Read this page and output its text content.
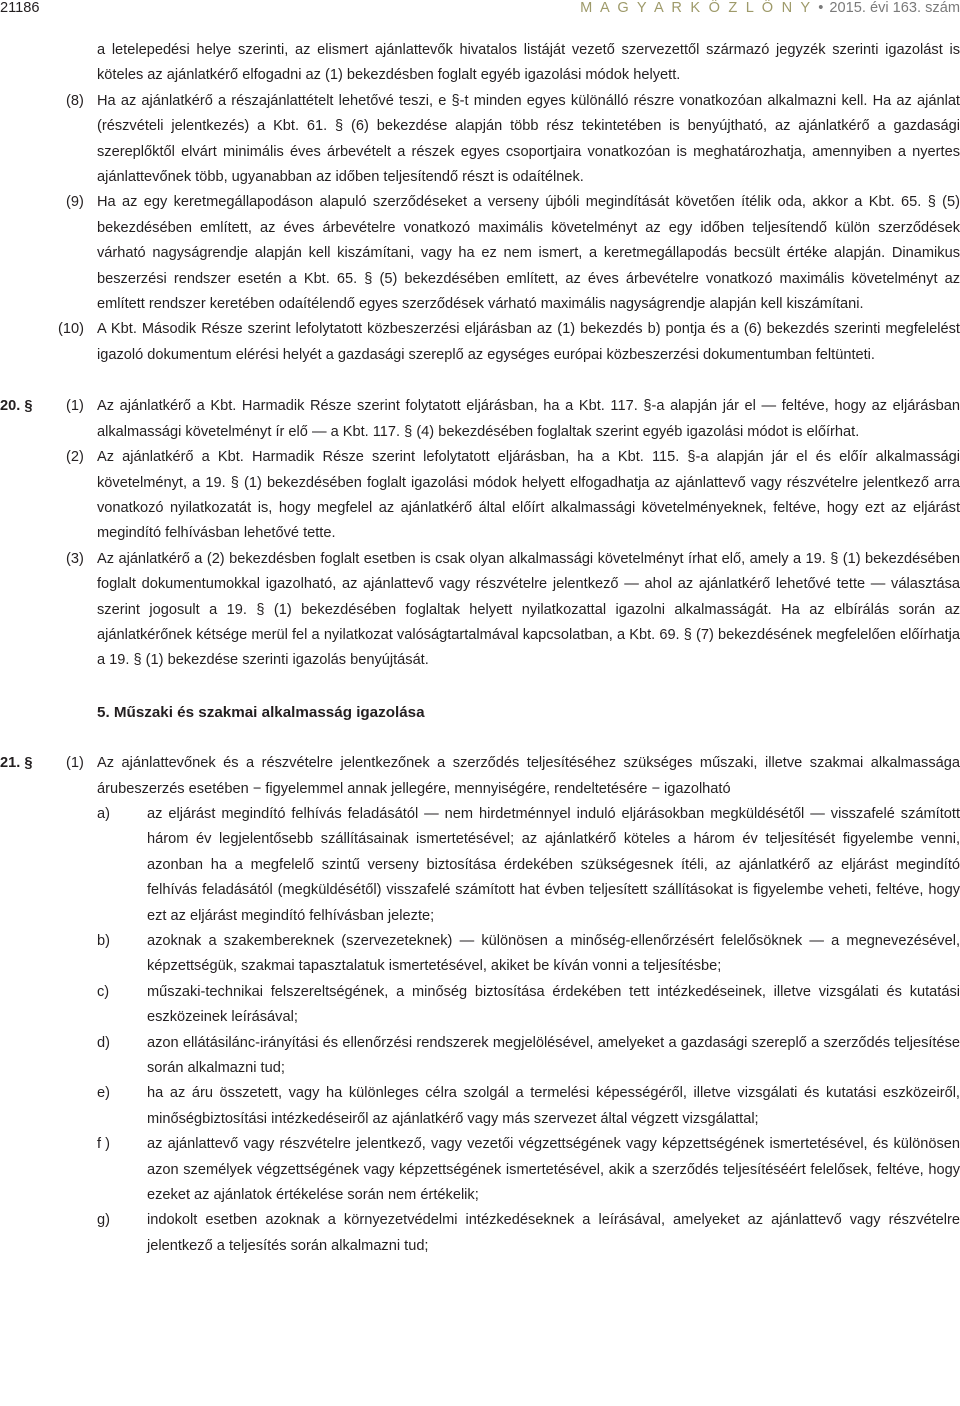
21186	M A G Y A R K Ö Z L Ö N Y • 2015. évi 163. szám
a letelepedési helye szerinti, az elismert ajánlattevők hivatalos listáját vezető szervezettől származó jegyzék szerinti igazolást is köteles az ajánlatkérő elfogadni az (1) bekezdésben foglalt egyéb igazolási módok helyett.
(8) Ha az ajánlatkérő a részajánlattételt lehetővé teszi, e §-t minden egyes különálló részre vonatkozóan alkalmazni kell. Ha az ajánlat (részvételi jelentkezés) a Kbt. 61. § (6) bekezdése alapján több rész tekintetében is benyújtható, az ajánlatkérő a gazdasági szereplőktől elvárt minimális éves árbevételt a részek egyes csoportjaira vonatkozóan is meghatározhatja, amennyiben a nyertes ajánlattevőnek több, ugyanabban az időben teljesítendő részt is odaítélnek.
(9) Ha az egy keretmegállapodáson alapuló szerződéseket a verseny újbóli megindítását követően ítélik oda, akkor a Kbt. 65. § (5) bekezdésében említett, az éves árbevételre vonatkozó maximális követelményt az egy időben teljesítendő külön szerződések várható nagyságrendje alapján kell kiszámítani, vagy ha ez nem ismert, a keretmegállapodás becsült értéke alapján. Dinamikus beszerzési rendszer esetén a Kbt. 65. § (5) bekezdésében említett, az éves árbevételre vonatkozó maximális követelményt az említett rendszer keretében odaítélendő egyes szerződések várható maximális nagyságrendje alapján kell kiszámítani.
(10) A Kbt. Második Része szerint lefolytatott közbeszerzési eljárásban az (1) bekezdés b) pontja és a (6) bekezdés szerinti megfelelést igazoló dokumentum elérési helyét a gazdasági szereplő az egységes európai közbeszerzési dokumentumban feltünteti.
20. § (1) Az ajánlatkérő a Kbt. Harmadik Része szerint folytatott eljárásban, ha a Kbt. 117. §-a alapján jár el — feltéve, hogy az eljárásban alkalmassági követelményt ír elő — a Kbt. 117. § (4) bekezdésében foglaltak szerint egyéb igazolási módot is előírhat.
(2) Az ajánlatkérő a Kbt. Harmadik Része szerint lefolytatott eljárásban, ha a Kbt. 115. §-a alapján jár el és előír alkalmassági követelményt, a 19. § (1) bekezdésében foglalt igazolási módok helyett elfogadhatja az ajánlattevő vagy részvételre jelentkező arra vonatkozó nyilatkozatát is, hogy megfelel az ajánlatkérő által előírt alkalmassági követelményeknek, feltéve, hogy ezt az eljárást megindító felhívásban lehetővé tette.
(3) Az ajánlatkérő a (2) bekezdésben foglalt esetben is csak olyan alkalmassági követelményt írhat elő, amely a 19. § (1) bekezdésében foglalt dokumentumokkal igazolható, az ajánlattevő vagy részvételre jelentkező — ahol az ajánlatkérő lehetővé tette — választása szerint jogosult a 19. § (1) bekezdésében foglaltak helyett nyilatkozattal igazolni alkalmasságát. Ha az elbírálás során az ajánlatkérőnek kétsége merül fel a nyilatkozat valóságtartalmával kapcsolatban, a Kbt. 69. § (7) bekezdésének megfelelően előírhatja a 19. § (1) bekezdése szerinti igazolás benyújtását.
5. Műszaki és szakmai alkalmasság igazolása
21. § (1) Az ajánlattevőnek és a részvételre jelentkezőnek a szerződés teljesítéséhez szükséges műszaki, illetve szakmai alkalmassága árubeszerzés esetében − figyelemmel annak jellegére, mennyiségére, rendeltetésére − igazolható
a)	az eljárást megindító felhívás feladásától — nem hirdetménnyel induló eljárásokban megküldésétől — visszafelé számított három év legjelentősebb szállításainak ismertetésével; az ajánlatkérő köteles a három év teljesítését figyelembe venni, azonban ha a megfelelő szintű verseny biztosítása érdekében szükségesnek ítéli, az ajánlatkérő az eljárást megindító felhívás feladásától (megküldésétől) visszafelé számított hat évben teljesített szállításokat is figyelembe veheti, feltéve, hogy ezt az eljárást megindító felhívásban jelezte;
b)	azoknak a szakembereknek (szervezeteknek) — különösen a minőség-ellenőrzésért felelősöknek — a megnevezésével, képzettségük, szakmai tapasztalatuk ismertetésével, akiket be kíván vonni a teljesítésbe;
c)	műszaki-technikai felszereltségének, a minőség biztosítása érdekében tett intézkedéseinek, illetve vizsgálati és kutatási eszközeinek leírásával;
d)	azon ellátásilánc-irányítási és ellenőrzési rendszerek megjelölésével, amelyeket a gazdasági szereplő a szerződés teljesítése során alkalmazni tud;
e)	ha az áru összetett, vagy ha különleges célra szolgál a termelési képességéről, illetve vizsgálati és kutatási eszközeiről, minőségbiztosítási intézkedéseiről az ajánlatkérő vagy más szervezet által végzett vizsgálattal;
f )	az ajánlattevő vagy részvételre jelentkező, vagy vezetői végzettségének vagy képzettségének ismertetésével, és különösen azon személyek végzettségének vagy képzettségének ismertetésével, akik a szerződés teljesítéséért felelősek, feltéve, hogy ezeket az ajánlatok értékelése során nem értékelik;
g)	indokolt esetben azoknak a környezetvédelmi intézkedéseknek a leírásával, amelyeket az ajánlattevő vagy részvételre jelentkező a teljesítés során alkalmazni tud;
